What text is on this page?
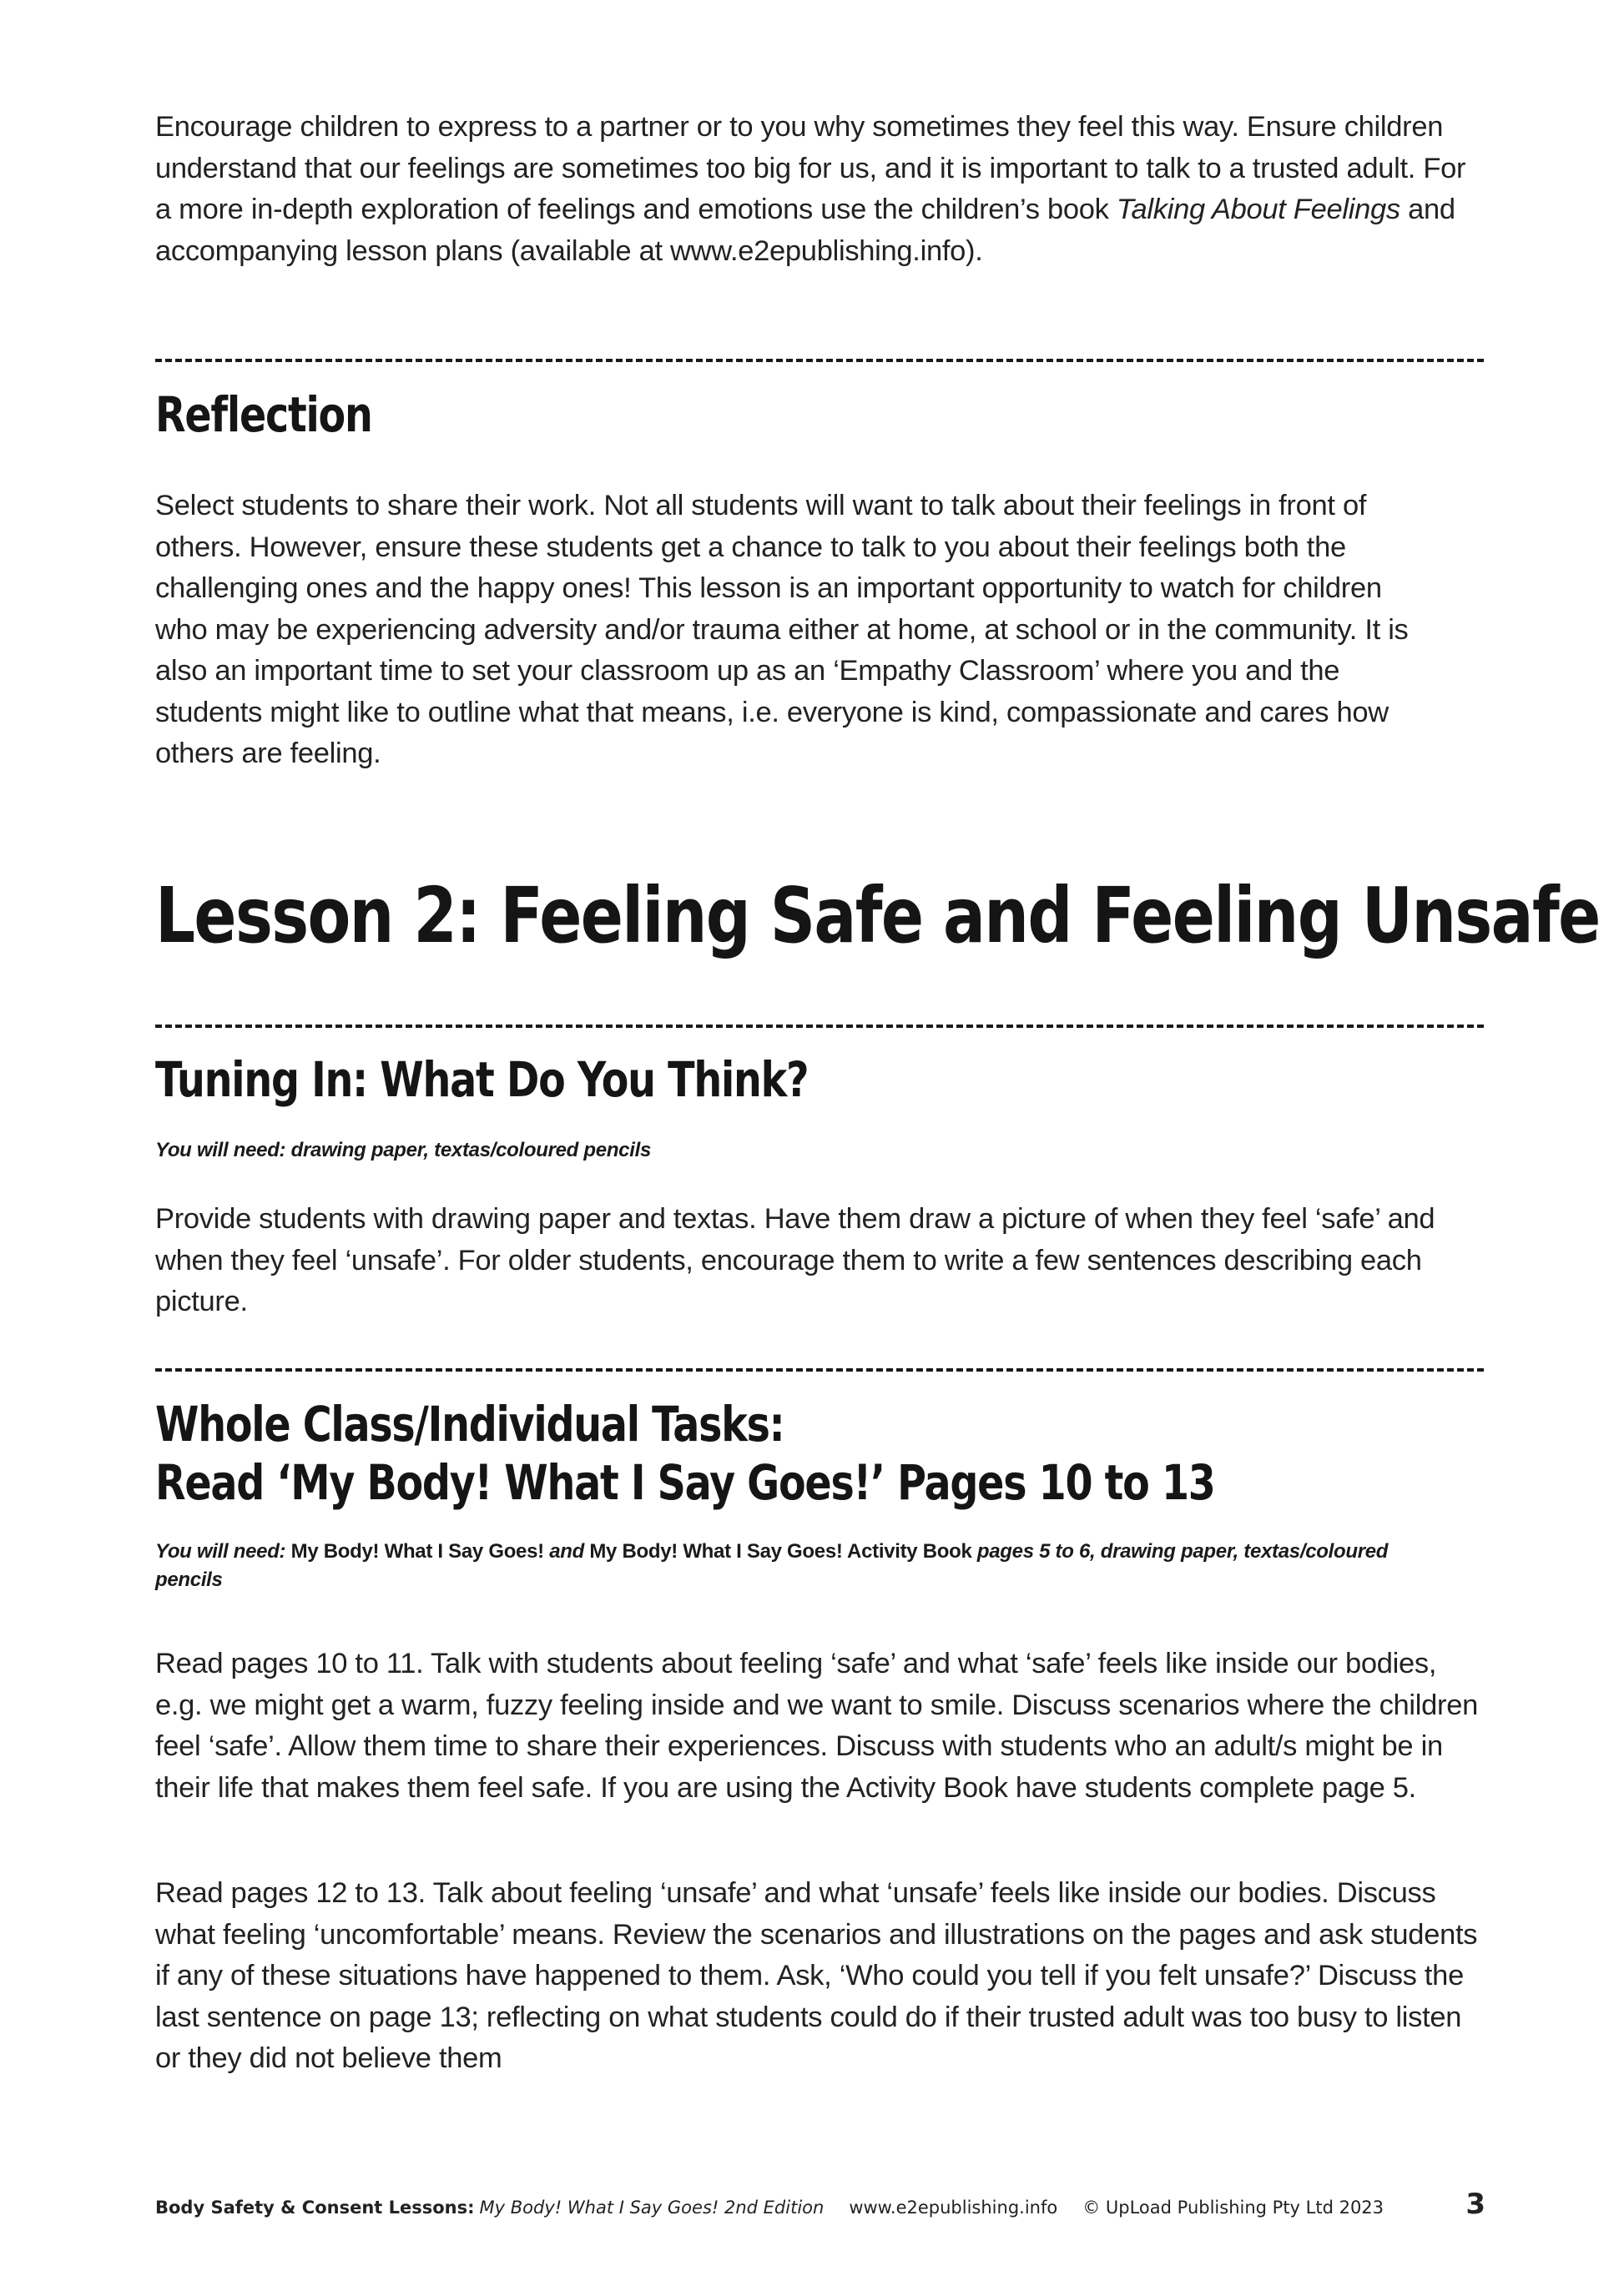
Encourage children to express to a partner or to you why sometimes they feel this way. Ensure children understand that our feelings are sometimes too big for us, and it is important to talk to a trusted adult. For a more in-depth exploration of feelings and emotions use the children’s book Talking About Feelings and accompanying lesson plans (available at www.e2epublishing.info).

Reflection

Select students to share their work. Not all students will want to talk about their feelings in front of others. However, ensure these students get a chance to talk to you about their feelings both the challenging ones and the happy ones! This lesson is an important opportunity to watch for children who may be experiencing adversity and/or trauma either at home, at school or in the community. It is also an important time to set your classroom up as an ‘Empathy Classroom’ where you and the students might like to outline what that means, i.e. everyone is kind, compassionate and cares how others are feeling.

Lesson 2: Feeling Safe and Feeling Unsafe
Tuning In: What Do You Think?

You will need: drawing paper, textas/coloured pencils

Provide students with drawing paper and textas. Have them draw a picture of when they feel ‘safe’ and when they feel ‘unsafe’. For older students, encourage them to write a few sentences describing each picture.

Whole Class/Individual Tasks:
Read ‘My Body! What I Say Goes!’ Pages 10 to 13

You will need: My Body! What I Say Goes! and My Body! What I Say Goes! Activity Book pages 5 to 6, drawing paper, textas/coloured pencils

Read pages 10 to 11. Talk with students about feeling ‘safe’ and what ‘safe’ feels like inside our bodies, e.g. we might get a warm, fuzzy feeling inside and we want to smile. Discuss scenarios where the children feel ‘safe’. Allow them time to share their experiences. Discuss with students who an adult/s might be in their life that makes them feel safe. If you are using the Activity Book have students complete page 5.

Read pages 12 to 13. Talk about feeling ‘unsafe’ and what ‘unsafe’ feels like inside our bodies. Discuss what feeling ‘uncomfortable’ means. Review the scenarios and illustrations on the pages and ask students if any of these situations have happened to them. Ask, ‘Who could you tell if you felt unsafe?’ Discuss the last sentence on page 13; reflecting on what students could do if their trusted adult was too busy to listen or they did not believe them

Body Safety & Consent Lessons: My Body! What I Say Goes! 2nd Edition www.e2epublishing.info © UpLoad Publishing Pty Ltd 2023	3
